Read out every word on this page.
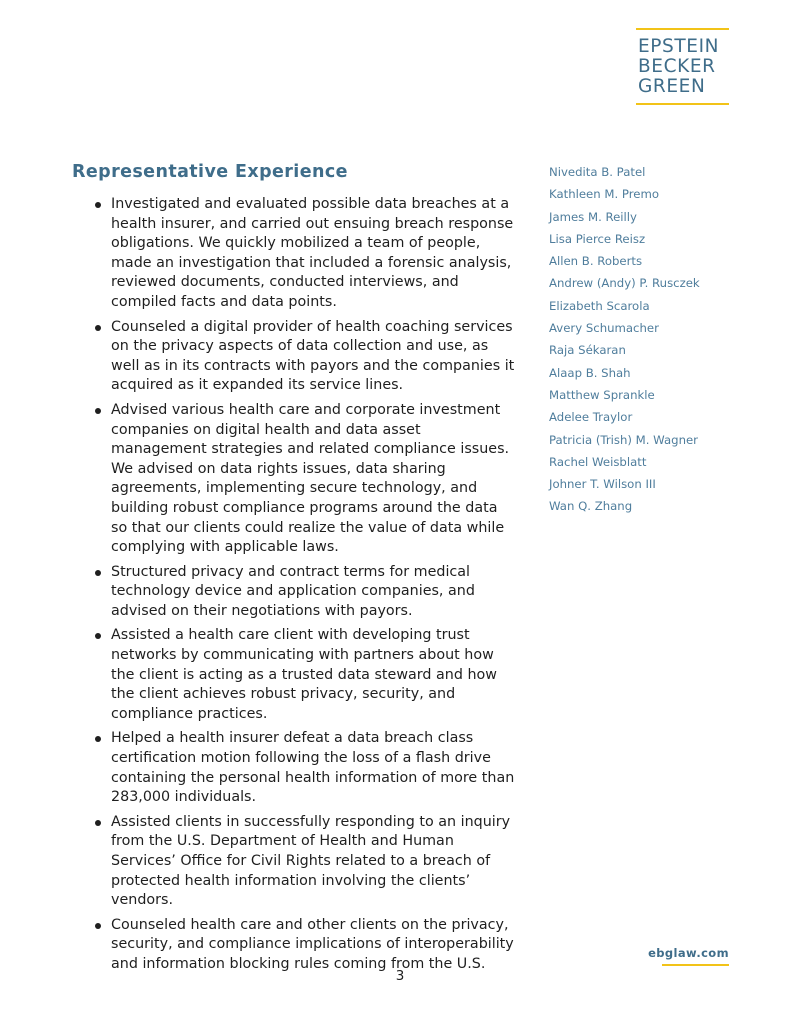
EPSTEIN
BECKER
GREEN
Representative Experience
Investigated and evaluated possible data breaches at a health insurer, and carried out ensuing breach response obligations. We quickly mobilized a team of people, made an investigation that included a forensic analysis, reviewed documents, conducted interviews, and compiled facts and data points.
Counseled a digital provider of health coaching services on the privacy aspects of data collection and use, as well as in its contracts with payors and the companies it acquired as it expanded its service lines.
Advised various health care and corporate investment companies on digital health and data asset management strategies and related compliance issues. We advised on data rights issues, data sharing agreements, implementing secure technology, and building robust compliance programs around the data so that our clients could realize the value of data while complying with applicable laws.
Structured privacy and contract terms for medical technology device and application companies, and advised on their negotiations with payors.
Assisted a health care client with developing trust networks by communicating with partners about how the client is acting as a trusted data steward and how the client achieves robust privacy, security, and compliance practices.
Helped a health insurer defeat a data breach class certification motion following the loss of a flash drive containing the personal health information of more than 283,000 individuals.
Assisted clients in successfully responding to an inquiry from the U.S. Department of Health and Human Services’ Office for Civil Rights related to a breach of protected health information involving the clients’ vendors.
Counseled health care and other clients on the privacy, security, and compliance implications of interoperability and information blocking rules coming from the U.S.
Nivedita B. Patel
Kathleen M. Premo
James M. Reilly
Lisa Pierce Reisz
Allen B. Roberts
Andrew (Andy) P. Rusczek
Elizabeth Scarola
Avery Schumacher
Raja Sékaran
Alaap B. Shah
Matthew Sprankle
Adelee Traylor
Patricia (Trish) M. Wagner
Rachel Weisblatt
Johner T. Wilson III
Wan Q. Zhang
ebglaw.com
3
